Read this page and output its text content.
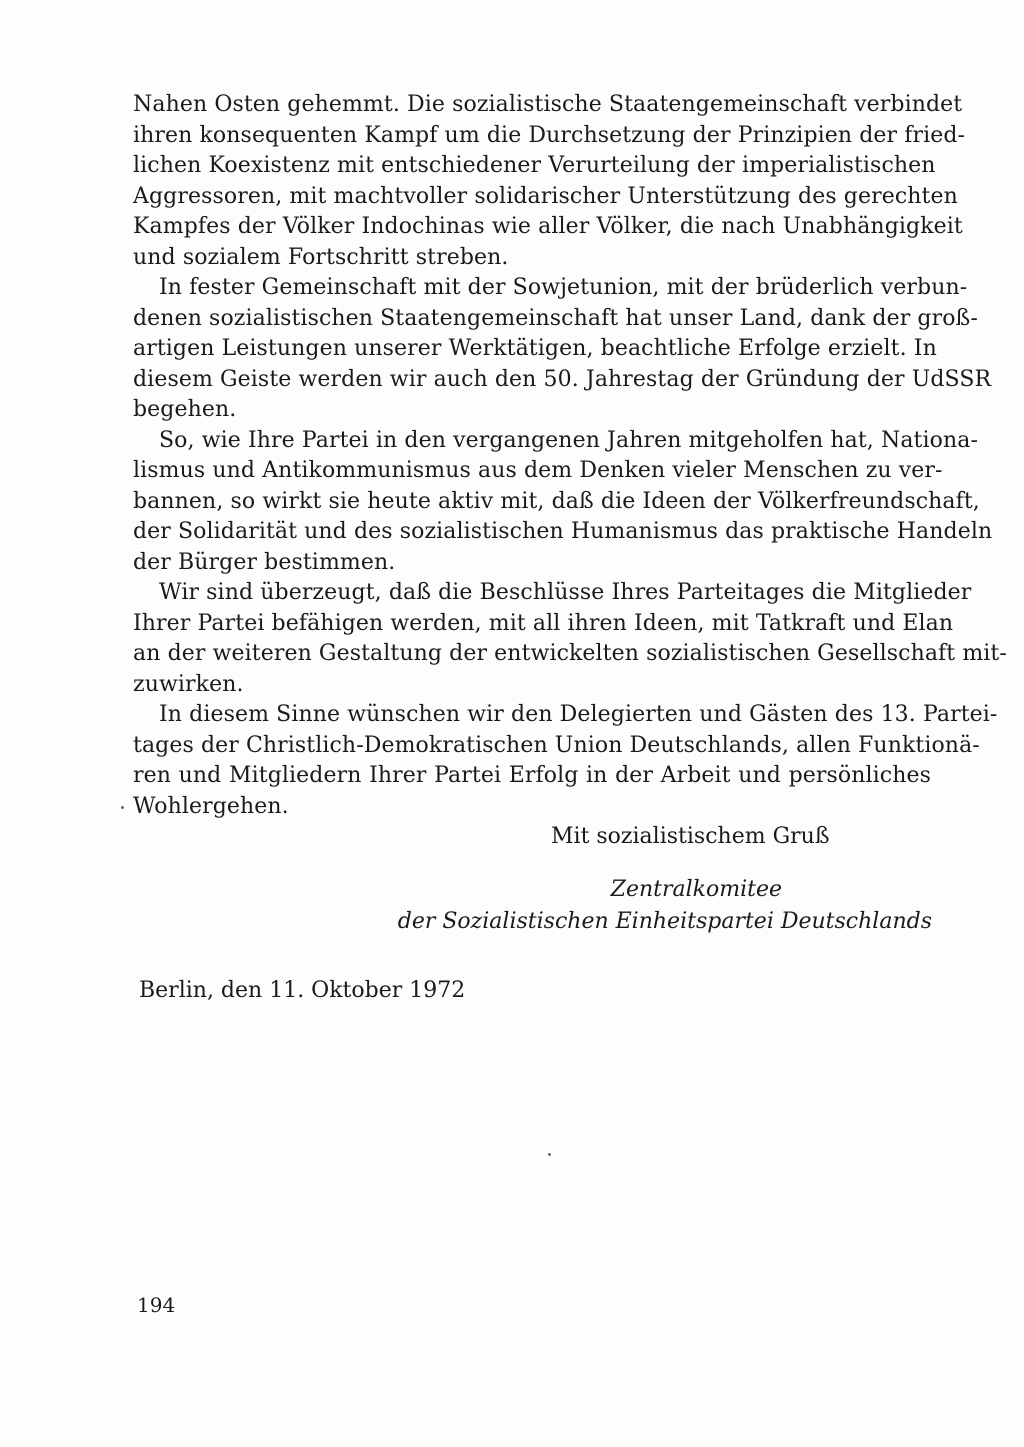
Nahen Osten gehemmt. Die sozialistische Staatengemeinschaft verbindet
ihren konsequenten Kampf um die Durchsetzung der Prinzipien der fried-
lichen Koexistenz mit entschiedener Verurteilung der imperialistischen
Aggressoren, mit machtvoller solidarischer Unterstützung des gerechten
Kampfes der Völker Indochinas wie aller Völker, die nach Unabhängigkeit
und sozialem Fortschritt streben.
In fester Gemeinschaft mit der Sowjetunion, mit der brüderlich verbun-
denen sozialistischen Staatengemeinschaft hat unser Land, dank der groß-
artigen Leistungen unserer Werktätigen, beachtliche Erfolge erzielt. In
diesem Geiste werden wir auch den 50. Jahrestag der Gründung der UdSSR
begehen.
So, wie Ihre Partei in den vergangenen Jahren mitgeholfen hat, Nationa-
lismus und Antikommunismus aus dem Denken vieler Menschen zu ver-
bannen, so wirkt sie heute aktiv mit, daß die Ideen der Völkerfreundschaft,
der Solidarität und des sozialistischen Humanismus das praktische Handeln
der Bürger bestimmen.
Wir sind überzeugt, daß die Beschlüsse Ihres Parteitages die Mitglieder
Ihrer Partei befähigen werden, mit all ihren Ideen, mit Tatkraft und Elan
an der weiteren Gestaltung der entwickelten sozialistischen Gesellschaft mit-
zuwirken.
In diesem Sinne wünschen wir den Delegierten und Gästen des 13. Partei-
tages der Christlich-Demokratischen Union Deutschlands, allen Funktionä-
ren und Mitgliedern Ihrer Partei Erfolg in der Arbeit und persönliches
Wohlergehen.
Mit sozialistischem Gruß
Zentralkomitee
der Sozialistischen Einheitspartei Deutschlands
Berlin, den 11. Oktober 1972
194
